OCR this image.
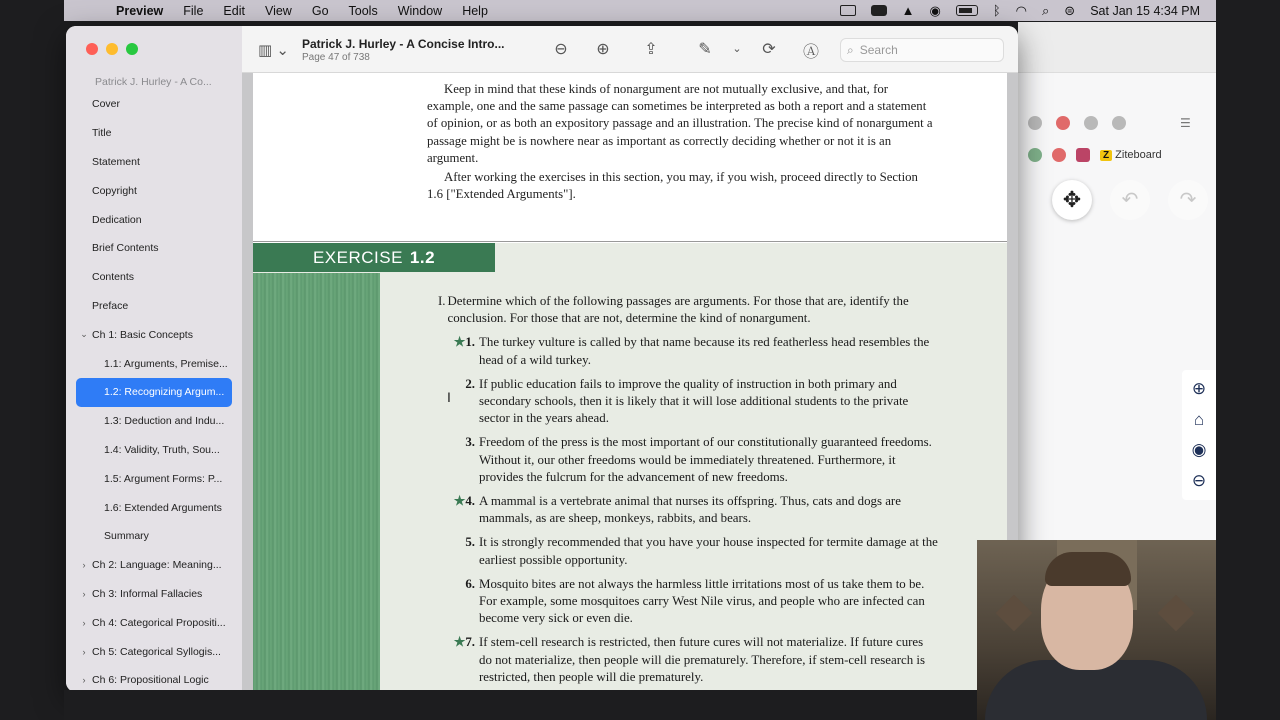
Preview	File	Edit	View	Go	Tools	Window	Help	▲ ◉	ᛒ ◠ ⌕ ⊜ Sat Jan 15 4:34 PM
☰
Z Ziteboard
✥	↶	↷
⊕
⌂
◉
⊖
Patrick J. Hurley - A Co...
Cover
Title
Statement
Copyright
Dedication
Brief Contents
Contents
Preface
⌄ Ch 1: Basic Concepts
1.1: Arguments, Premise...
1.2: Recognizing Argum...
1.3: Deduction and Indu...
1.4: Validity, Truth, Sou...
1.5: Argument Forms: P...
1.6: Extended Arguments
Summary
› Ch 2: Language: Meaning...
› Ch 3: Informal Fallacies
› Ch 4: Categorical Propositi...
› Ch 5: Categorical Syllogis...
› Ch 6: Propositional Logic
▥ ⌄ Patrick J. Hurley - A Concise Intro...
Page 47 of 738	⊖ ⊕ ⇪	✎	⌄	⟳ Ⓐ ⌕ Search
Keep in mind that these kinds of nonargument are not mutually exclusive, and that, for example, one and the same passage can sometimes be interpreted as both a report and a statement of opinion, or as both an expository passage and an illustration. The precise kind of nonargument a passage might be is nowhere near as important as correctly deciding whether or not it is an argument.
After working the exercises in this section, you may, if you wish, proceed directly to Section 1.6 ["Extended Arguments"].
EXERCISE 1.2
I. Determine which of the following passages are arguments. For those that are, identify the conclusion. For those that are not, determine the kind of nonargument.
★1. The turkey vulture is called by that name because its red featherless head resembles the head of a wild turkey.
2. If public education fails to improve the quality of instruction in both primary and secondary schools, then it is likely that it will lose additional students to the private sector in the years ahead.
3. Freedom of the press is the most important of our constitutionally guaranteed freedoms. Without it, our other freedoms would be immediately threatened. Furthermore, it provides the fulcrum for the advancement of new freedoms.
★4. A mammal is a vertebrate animal that nurses its offspring. Thus, cats and dogs are mammals, as are sheep, monkeys, rabbits, and bears.
5. It is strongly recommended that you have your house inspected for termite damage at the earliest possible opportunity.
6. Mosquito bites are not always the harmless little irritations most of us take them to be. For example, some mosquitoes carry West Nile virus, and people who are infected can become very sick or even die.
★7. If stem-cell research is restricted, then future cures will not materialize. If future cures do not materialize, then people will die prematurely. Therefore, if stem-cell research is restricted, then people will die prematurely.
I
